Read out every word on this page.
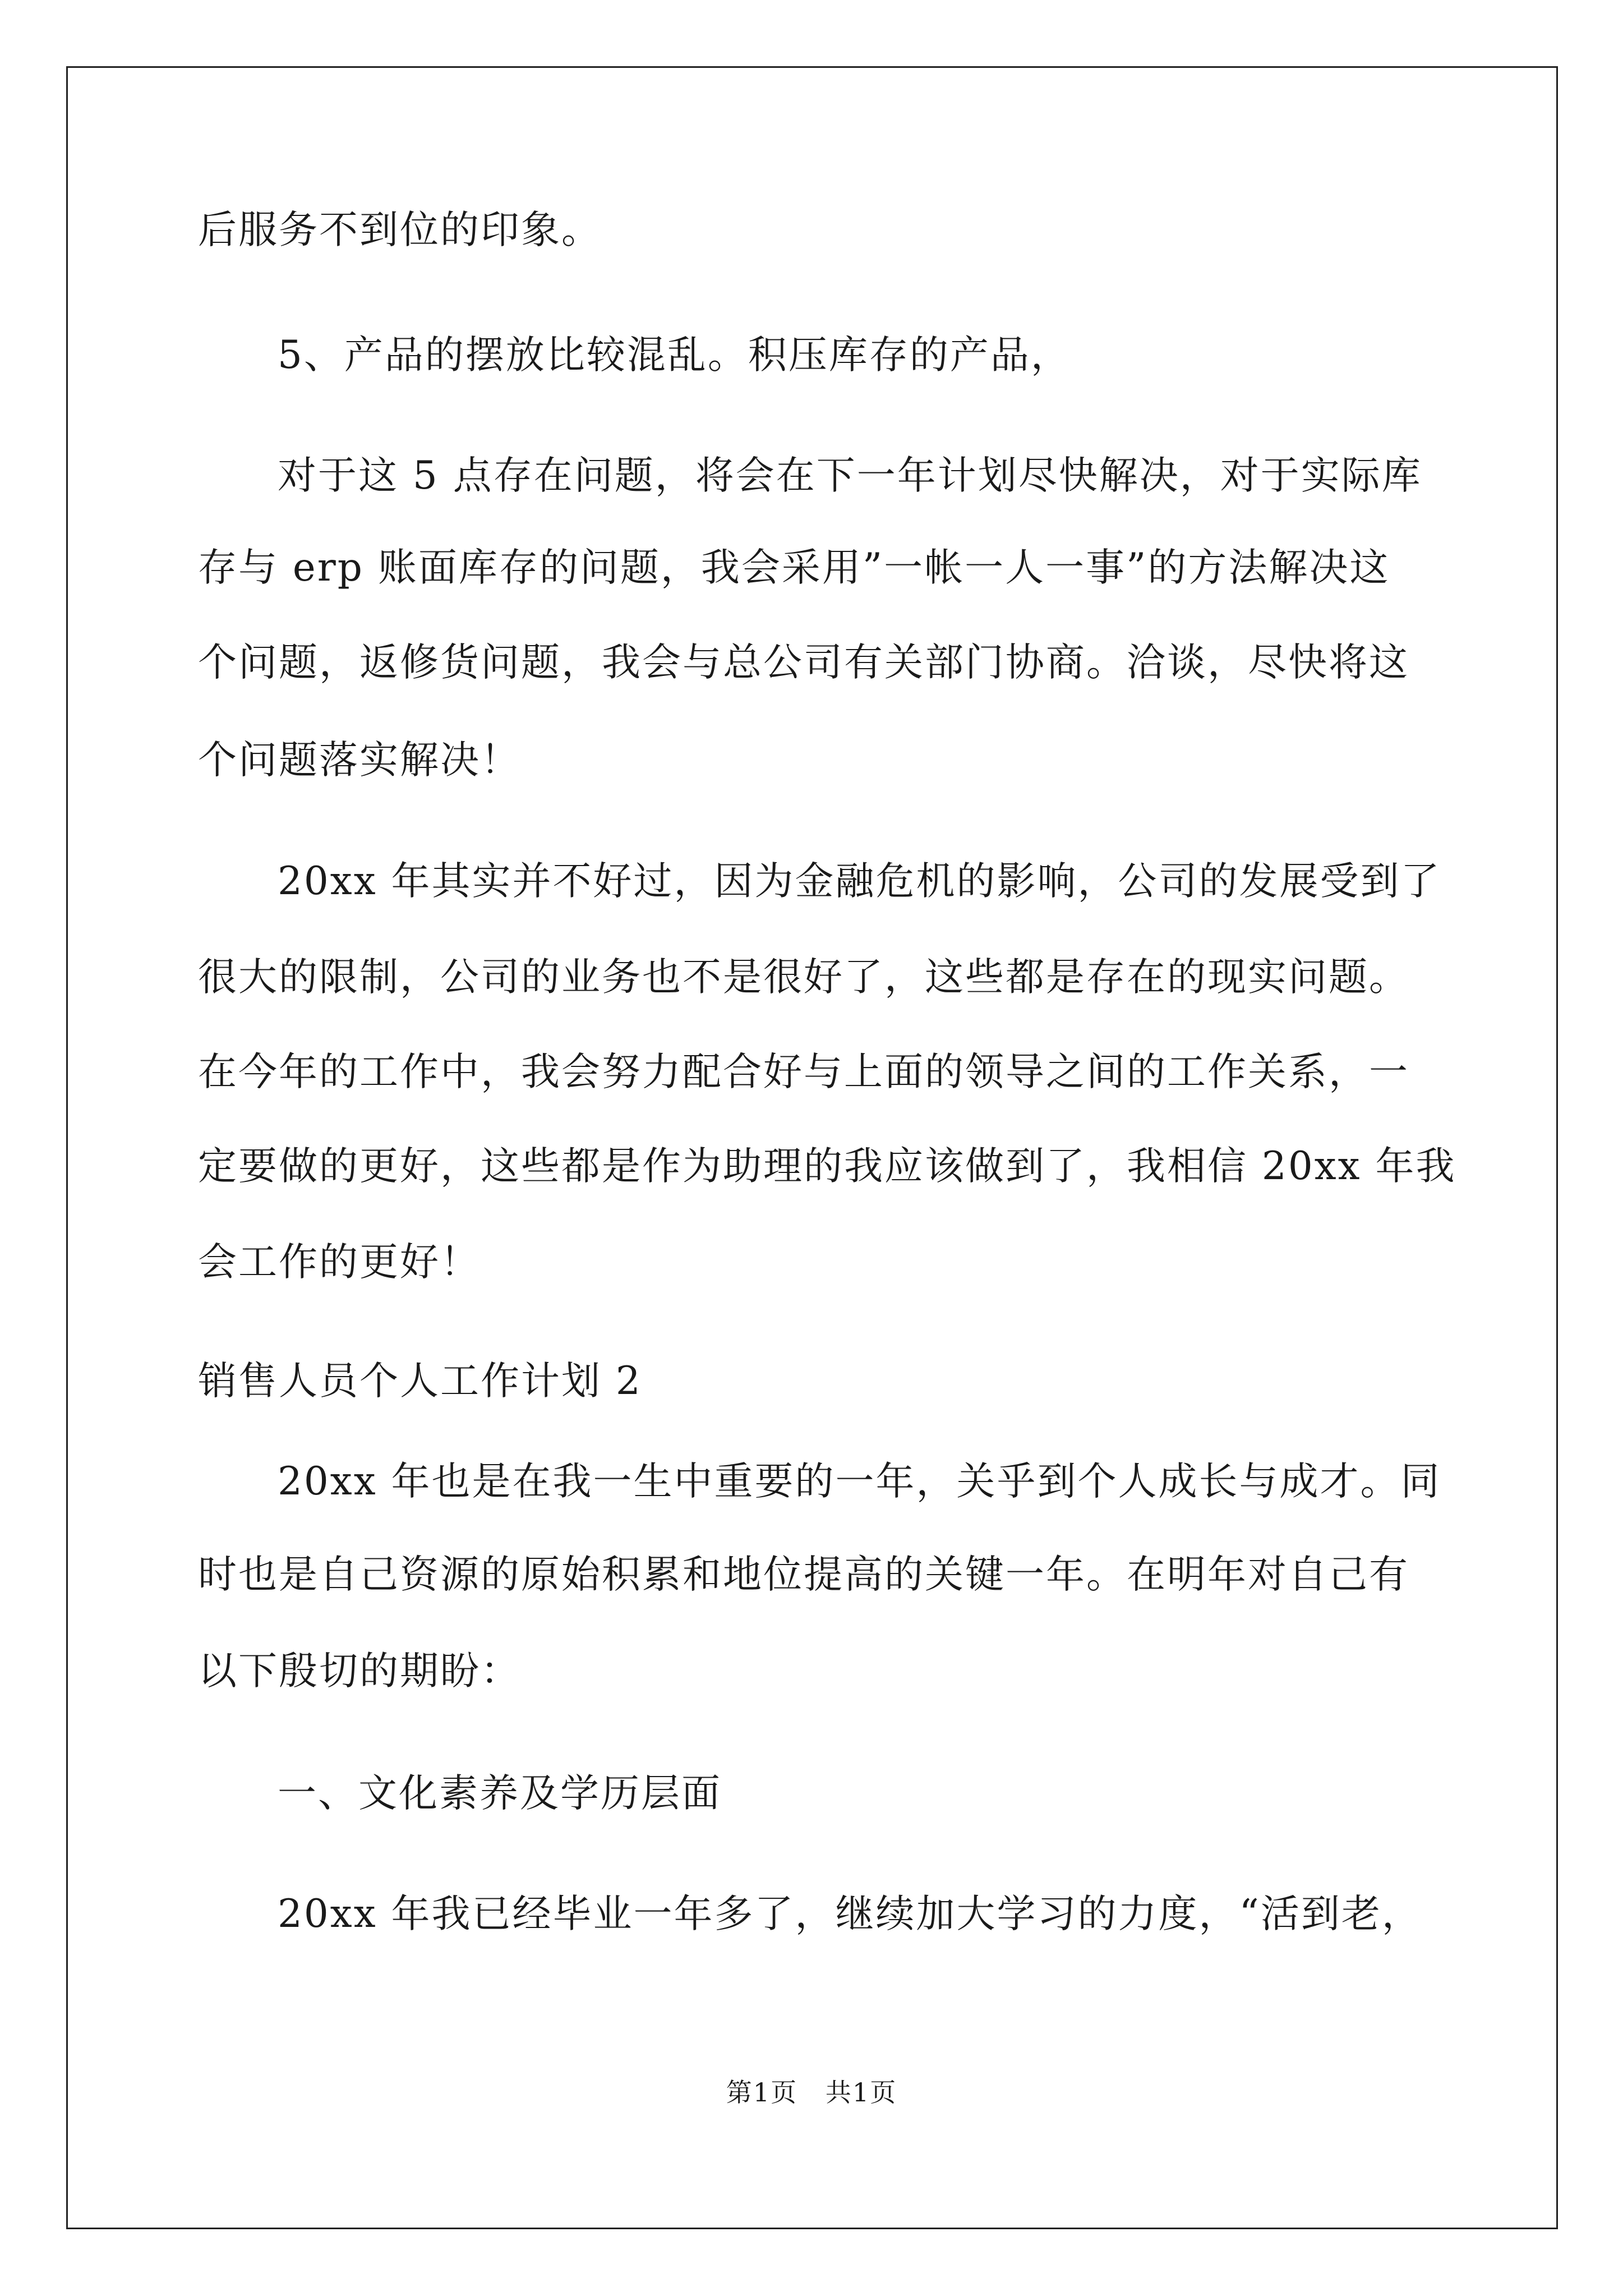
后服务不到位的印象。
5、产品的摆放比较混乱。积压库存的产品，
对于这 5 点存在问题，将会在下一年计划尽快解决，对于实际库
存与 erp 账面库存的问题，我会采用”一帐一人一事”的方法解决这
个问题，返修货问题，我会与总公司有关部门协商。洽谈，尽快将这
个问题落实解决！
20xx 年其实并不好过，因为金融危机的影响，公司的发展受到了
很大的限制，公司的业务也不是很好了，这些都是存在的现实问题。
在今年的工作中，我会努力配合好与上面的领导之间的工作关系，一
定要做的更好，这些都是作为助理的我应该做到了，我相信 20xx 年我
会工作的更好！
销售人员个人工作计划 2
20xx 年也是在我一生中重要的一年，关乎到个人成长与成才。同
时也是自己资源的原始积累和地位提高的关键一年。在明年对自己有
以下殷切的期盼：
一、文化素养及学历层面
20xx 年我已经毕业一年多了，继续加大学习的力度，“活到老，
第1页   共1页
